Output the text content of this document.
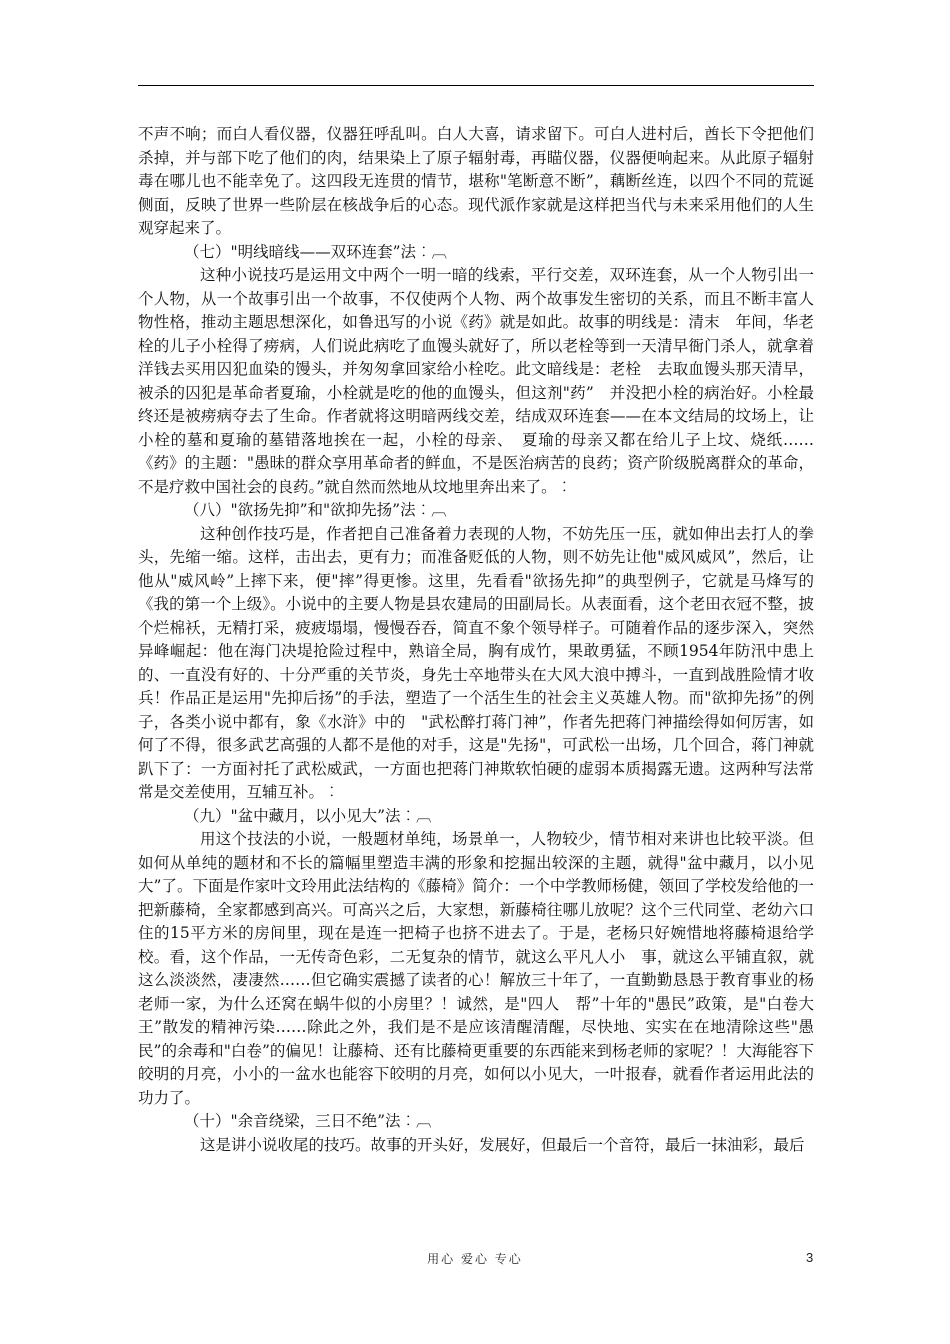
不声不响；而白人看仪器，仪器狂呼乱叫。白人大喜，请求留下。可白人进村后，酋长下令把他们杀掉，并与部下吃了他们的肉，结果染上了原子辐射毒，再瞄仪器，仪器便响起来。从此原子辐射毒在哪儿也不能幸免了。这四段无连贯的情节，堪称"笔断意不断”，藕断丝连，以四个不同的荒诞侧面，反映了世界一些阶层在核战争后的心态。现代派作家就是这样把当代与未来采用他们的人生观穿起来了。

（七）"明线暗线——双环连套”法︰︹

这种小说技巧是运用文中两个一明一暗的线索，平行交差，双环连套，从一个人物引出一个人物，从一个故事引出一个故事，不仅使两个人物、两个故事发生密切的关系，而且不断丰富人物性格，推动主题思想深化，如鲁迅写的小说《药》就是如此。故事的明线是：清末　年间，华老栓的儿子小栓得了痨病，人们说此病吃了血馒头就好了，所以老栓等到一天清早衙门杀人，就拿着洋钱去买用囚犯血染的馒头，并匆匆拿回家给小栓吃。此文暗线是：老栓　去取血馒头那天清早，被杀的囚犯是革命者夏瑜，小栓就是吃的他的血馒头，但这剂"药”　并没把小栓的病治好。小栓最终还是被痨病夺去了生命。作者就将这明暗两线交差，结成双环连套——在本文结局的坟场上，让小栓的墓和夏瑜的墓错落地挨在一起，小栓的母亲、　夏瑜的母亲又都在给儿子上坟、烧纸……《药》的主题："愚昧的群众享用革命者的鲜血，不是医治病苦的良药；资产阶级脱离群众的革命，不是疗救中国社会的良药。”就自然而然地从坟地里奔出来了。︰

（八）"欲扬先抑”和"欲抑先扬”法︰︹

这种创作技巧是，作者把自己准备着力表现的人物，不妨先压一压，就如伸出去打人的拳头，先缩一缩。这样，击出去，更有力；而准备贬低的人物，则不妨先让他"威风威风”，然后，让他从"威风岭”上摔下来，便"摔”得更惨。这里，先看看"欲扬先抑”的典型例子，它就是马烽写的《我的第一个上级》。小说中的主要人物是县农建局的田副局长。从表面看，这个老田衣冠不整，披个烂棉袄，无精打采，疲疲塌塌，慢慢吞吞，简直不象个领导样子。可随着作品的逐步深入，突然异峰崛起：他在海门决堤抢险过程中，熟谙全局，胸有成竹，果敢勇猛，不顾1954年防汛中患上的、一直没有好的、十分严重的关节炎，身先士卒地带头在大风大浪中搏斗，一直到战胜险情才收兵！作品正是运用"先抑后扬”的手法，塑造了一个活生生的社会主义英雄人物。而"欲抑先扬”的例子，各类小说中都有，象《水浒》中的　"武松醉打蒋门神”，作者先把蒋门神描绘得如何厉害，如何了不得，很多武艺高强的人都不是他的对手，这是"先扬"，可武松一出场，几个回合，蒋门神就趴下了：一方面衬托了武松威武，一方面也把蒋门神欺软怕硬的虚弱本质揭露无遗。这两种写法常常是交差使用，互辅互补。︰

（九）"盆中藏月，以小见大”法︰︹

用这个技法的小说，一般题材单纯，场景单一，人物较少，情节相对来讲也比较平淡。但如何从单纯的题材和不长的篇幅里塑造丰满的形象和挖掘出较深的主题，就得"盆中藏月，以小见大”了。下面是作家叶文玲用此法结构的《藤椅》简介：一个中学教师杨健，领回了学校发给他的一把新藤椅，全家都感到高兴。可高兴之后，大家想，新藤椅往哪儿放呢？这个三代同堂、老幼六口住的15平方米的房间里，现在是连一把椅子也挤不进去了。于是，老杨只好婉惜地将藤椅退给学校。看，这个作品，一无传奇色彩，二无复杂的情节，就这么平凡人小　事，就这么平铺直叙，就这么淡淡然，凄凄然……但它确实震撼了读者的心！解放三十年了，一直勤勤恳恳于教育事业的杨老师一家，为什么还窝在蜗牛似的小房里？！诚然，是"四人　帮”十年的"愚民”政策，是"白卷大王”散发的精神污染……除此之外，我们是不是应该清醒清醒，尽快地、实实在在地清除这些"愚民”的余毒和"白卷”的偏见！让藤椅、还有比藤椅更重要的东西能来到杨老师的家呢？！大海能容下皎明的月亮，小小的一盆水也能容下皎明的月亮，如何以小见大，一叶报春，就看作者运用此法的功力了。

（十）"余音绕梁，三日不绝”法︰︹

这是讲小说收尾的技巧。故事的开头好，发展好，但最后一个音符，最后一抹油彩，最后

用心 爱心 专心	3
